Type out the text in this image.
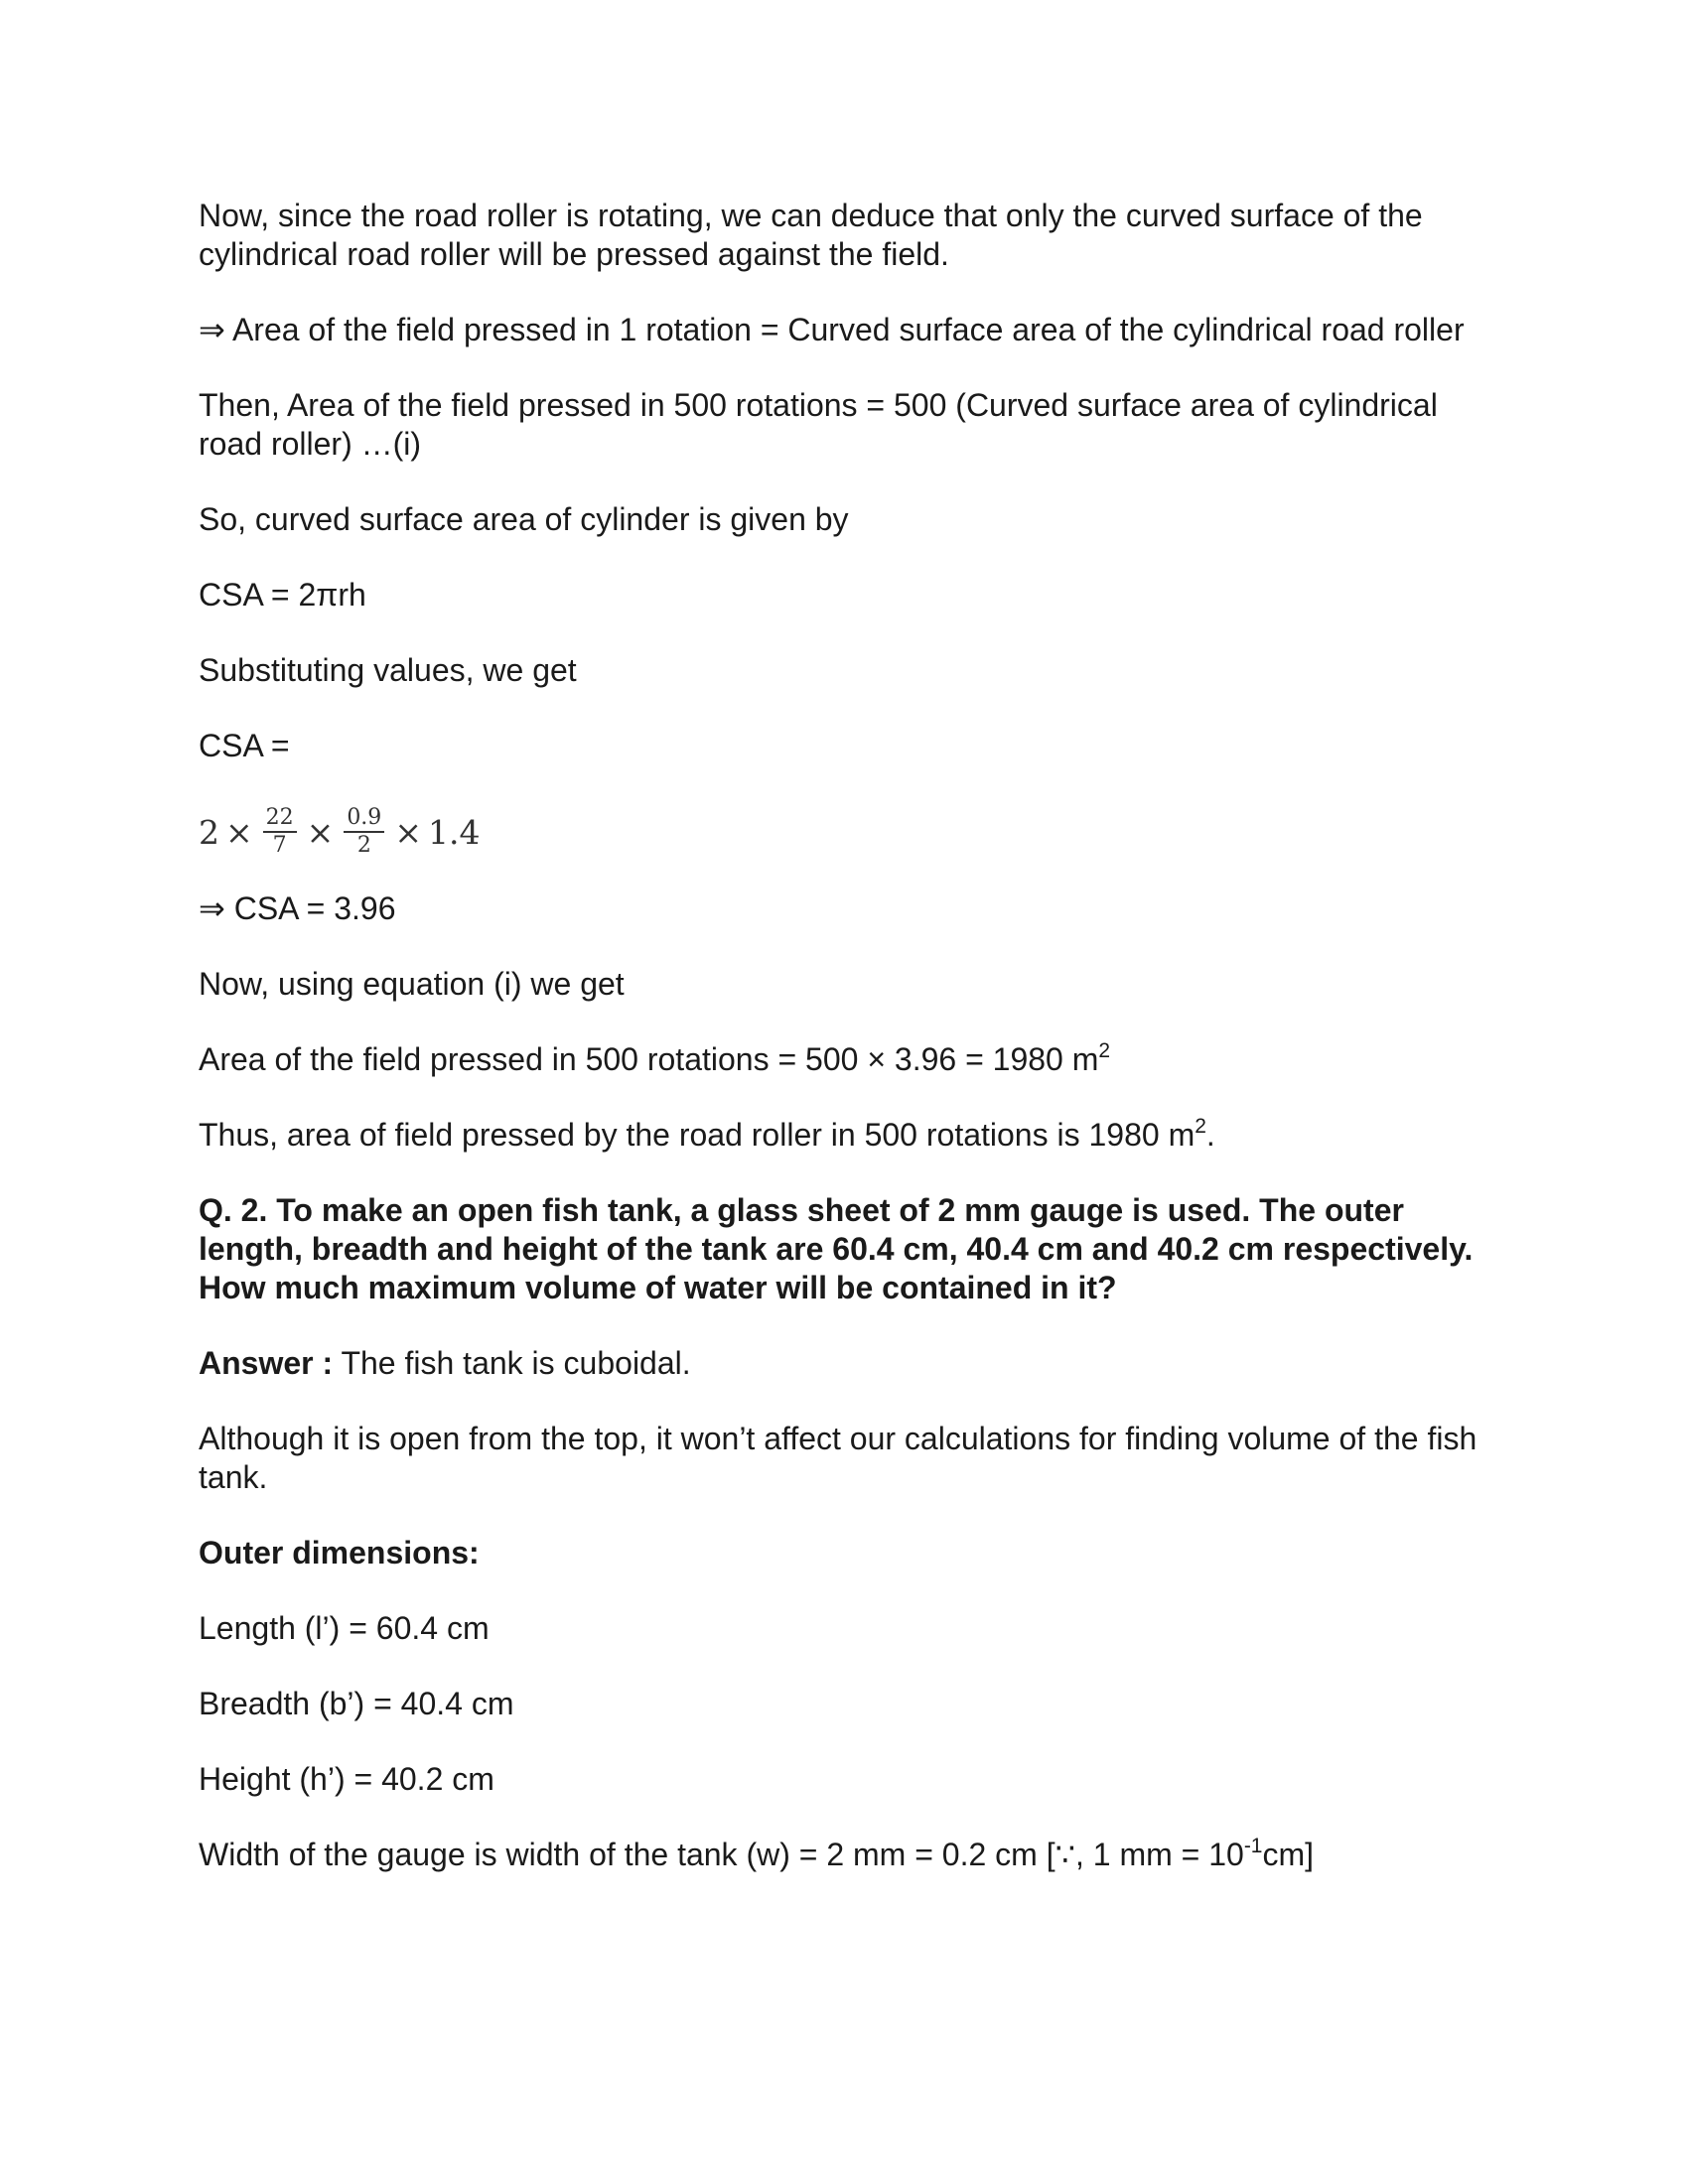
Now, since the road roller is rotating, we can deduce that only the curved surface of the cylindrical road roller will be pressed against the field.

⇒ Area of the field pressed in 1 rotation = Curved surface area of the cylindrical road roller

Then, Area of the field pressed in 500 rotations = 500 (Curved surface area of cylindrical road roller) …(i)

So, curved surface area of cylinder is given by

CSA = 2πrh

Substituting values, we get

CSA =

$2 \times \frac{22}{7} \times \frac{0.9}{2} \times 1.4$

⇒ CSA = 3.96

Now, using equation (i) we get

Area of the field pressed in 500 rotations = 500 × 3.96 = 1980 $m^2$

Thus, area of field pressed by the road roller in 500 rotations is 1980 $m^2$.

Q. 2. To make an open fish tank, a glass sheet of 2 mm gauge is used. The outer length, breadth and height of the tank are 60.4 cm, 40.4 cm and 40.2 cm respectively. How much maximum volume of water will be contained in it?

Answer : The fish tank is cuboidal.

Although it is open from the top, it won’t affect our calculations for finding volume of the fish tank.

Outer dimensions:

Length (l’) = 60.4 cm

Breadth (b’) = 40.4 cm

Height (h’) = 40.2 cm

Width of the gauge is width of the tank (w) = 2 mm = 0.2 cm [∵, 1 mm = $10^{-1}cm$]
